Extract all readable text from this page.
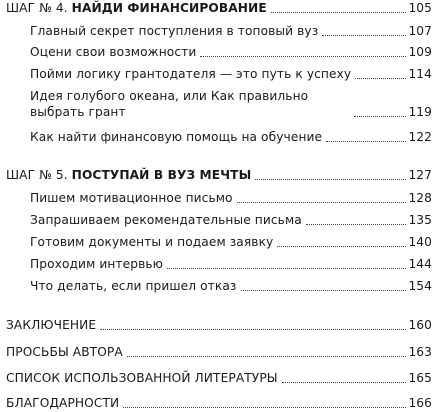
ШАГ № 4. НАЙДИ ФИНАНСИРОВАНИЕ	105
Главный секрет поступления в топовый вуз	107
Оцени свои возможности	109
Пойми логику грантодателя — это путь к успеху	114
Идея голубого океана, или Как правильно выбрать грант	119
Как найти финансовую помощь на обучение	122
ШАГ № 5. ПОСТУПАЙ В ВУЗ МЕЧТЫ	127
Пишем мотивационное письмо	128
Запрашиваем рекомендательные письма	135
Готовим документы и подаем заявку	140
Проходим интервью	144
Что делать, если пришел отказ	154
ЗАКЛЮЧЕНИЕ	160
ПРОСЬБЫ АВТОРА	163
СПИСОК ИСПОЛЬЗОВАННОЙ ЛИТЕРАТУРЫ	165
БЛАГОДАРНОСТИ	166
